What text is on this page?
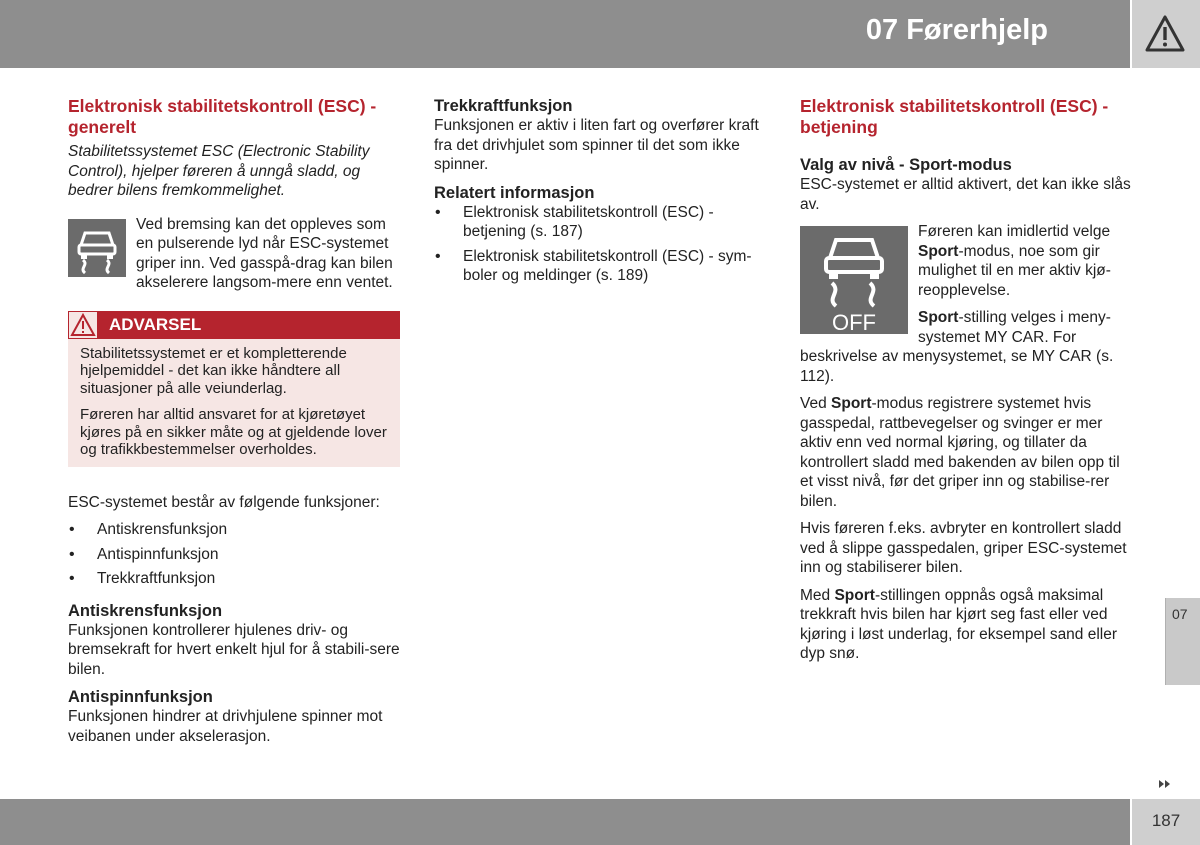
07 Førerhjelp
Elektronisk stabilitetskontroll (ESC) - generelt

Stabilitetssystemet ESC (Electronic Stability Control), hjelper føreren å unngå sladd, og bedrer bilens fremkommelighet.

Ved bremsing kan det oppleves som en pulserende lyd når ESC-systemet griper inn. Ved gasspå-drag kan bilen akselerere langsom-mere enn ventet.

ADVARSEL

Stabilitetssystemet er et kompletterende hjelpemiddel - det kan ikke håndtere all situasjoner på alle veiunderlag.

Føreren har alltid ansvaret for at kjøretøyet kjøres på en sikker måte og at gjeldende lover og trafikkbestemmelser overholdes.

ESC-systemet består av følgende funksjoner:

• Antiskrensfunksjon
• Antispinnfunksjon
• Trekkraftfunksjon
Antiskrensfunksjon

Funksjonen kontrollerer hjulenes driv- og bremsekraft for hvert enkelt hjul for å stabili-sere bilen.

Antispinnfunksjon

Funksjonen hindrer at drivhjulene spinner mot veibanen under akselerasjon.

Trekkraftfunksjon

Funksjonen er aktiv i liten fart og overfører kraft fra det drivhjulet som spinner til det som ikke spinner.

Relatert informasjon
• Elektronisk stabilitetskontroll (ESC) - betjening (s. 187)
• Elektronisk stabilitetskontroll (ESC) - sym-boler og meldinger (s. 189)
Elektronisk stabilitetskontroll (ESC) - betjening
Valg av nivå - Sport-modus

ESC-systemet er alltid aktivert, det kan ikke slås av.

OFF

Føreren kan imidlertid velge Sport-modus, noe som gir mulighet til en mer aktiv kjø-reopplevelse.

Sport-stilling velges i meny-systemet MY CAR. For beskrivelse av menysystemet, se MY CAR (s. 112).

Ved Sport-modus registrere systemet hvis gasspedal, rattbevegelser og svinger er mer aktiv enn ved normal kjøring, og tillater da kontrollert sladd med bakenden av bilen opp til et visst nivå, før det griper inn og stabilise-rer bilen.

Hvis føreren f.eks. avbryter en kontrollert sladd ved å slippe gasspedalen, griper ESC-systemet inn og stabiliserer bilen.

Med Sport-stillingen oppnås også maksimal trekkraft hvis bilen har kjørt seg fast eller ved kjøring i løst underlag, for eksempel sand eller dyp snø.

07
187
